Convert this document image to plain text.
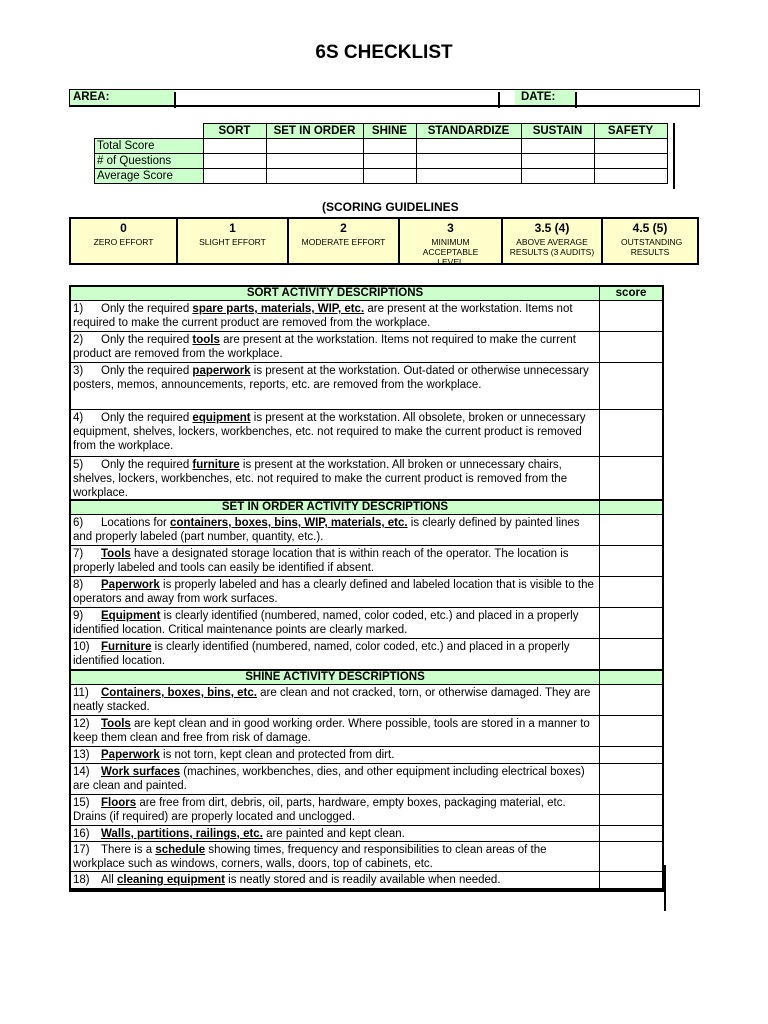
6S CHECKLIST
AREA:	DATE:
	SORT	SET IN ORDER	SHINE	STANDARDIZE	SUSTAIN	SAFETY
Total Score						
# of Questions						
Average Score						
(SCORING GUIDELINES
0
ZERO EFFORT
1
SLIGHT EFFORT
2
MODERATE EFFORT
3
MINIMUM ACCEPTABLE LEVEL
3.5 (4)
ABOVE AVERAGE RESULTS (3 AUDITS)
4.5 (5)
OUTSTANDING RESULTS
SORT ACTIVITY DESCRIPTIONS	score
1) Only the required spare parts, materials, WIP, etc. are present at the workstation. Items not required to make the current product are removed from the workplace.
2) Only the required tools are present at the workstation. Items not required to make the current product are removed from the workplace.
3) Only the required paperwork is present at the workstation. Out-dated or otherwise unnecessary posters, memos, announcements, reports, etc. are removed from the workplace.
4) Only the required equipment is present at the workstation. All obsolete, broken or unnecessary equipment, shelves, lockers, workbenches, etc. not required to make the current product is removed from the workplace.
5) Only the required furniture is present at the workstation. All broken or unnecessary chairs, shelves, lockers, workbenches, etc. not required to make the current product is removed from the workplace.
SET IN ORDER ACTIVITY DESCRIPTIONS
6) Locations for containers, boxes, bins, WIP, materials, etc. is clearly defined by painted lines and properly labeled (part number, quantity, etc.).
7) Tools have a designated storage location that is within reach of the operator. The location is properly labeled and tools can easily be identified if absent.
8) Paperwork is properly labeled and has a clearly defined and labeled location that is visible to the operators and away from work surfaces.
9) Equipment is clearly identified (numbered, named, color coded, etc.) and placed in a properly identified location. Critical maintenance points are clearly marked.
10) Furniture is clearly identified (numbered, named, color coded, etc.) and placed in a properly identified location.
SHINE ACTIVITY DESCRIPTIONS
11) Containers, boxes, bins, etc. are clean and not cracked, torn, or otherwise damaged. They are neatly stacked.
12) Tools are kept clean and in good working order. Where possible, tools are stored in a manner to keep them clean and free from risk of damage.
13) Paperwork is not torn, kept clean and protected from dirt.
14) Work surfaces (machines, workbenches, dies, and other equipment including electrical boxes) are clean and painted.
15) Floors are free from dirt, debris, oil, parts, hardware, empty boxes, packaging material, etc. Drains (if required) are properly located and unclogged.
16) Walls, partitions, railings, etc. are painted and kept clean.
17) There is a schedule showing times, frequency and responsibilities to clean areas of the workplace such as windows, corners, walls, doors, top of cabinets, etc.
18) All cleaning equipment is neatly stored and is readily available when needed.
